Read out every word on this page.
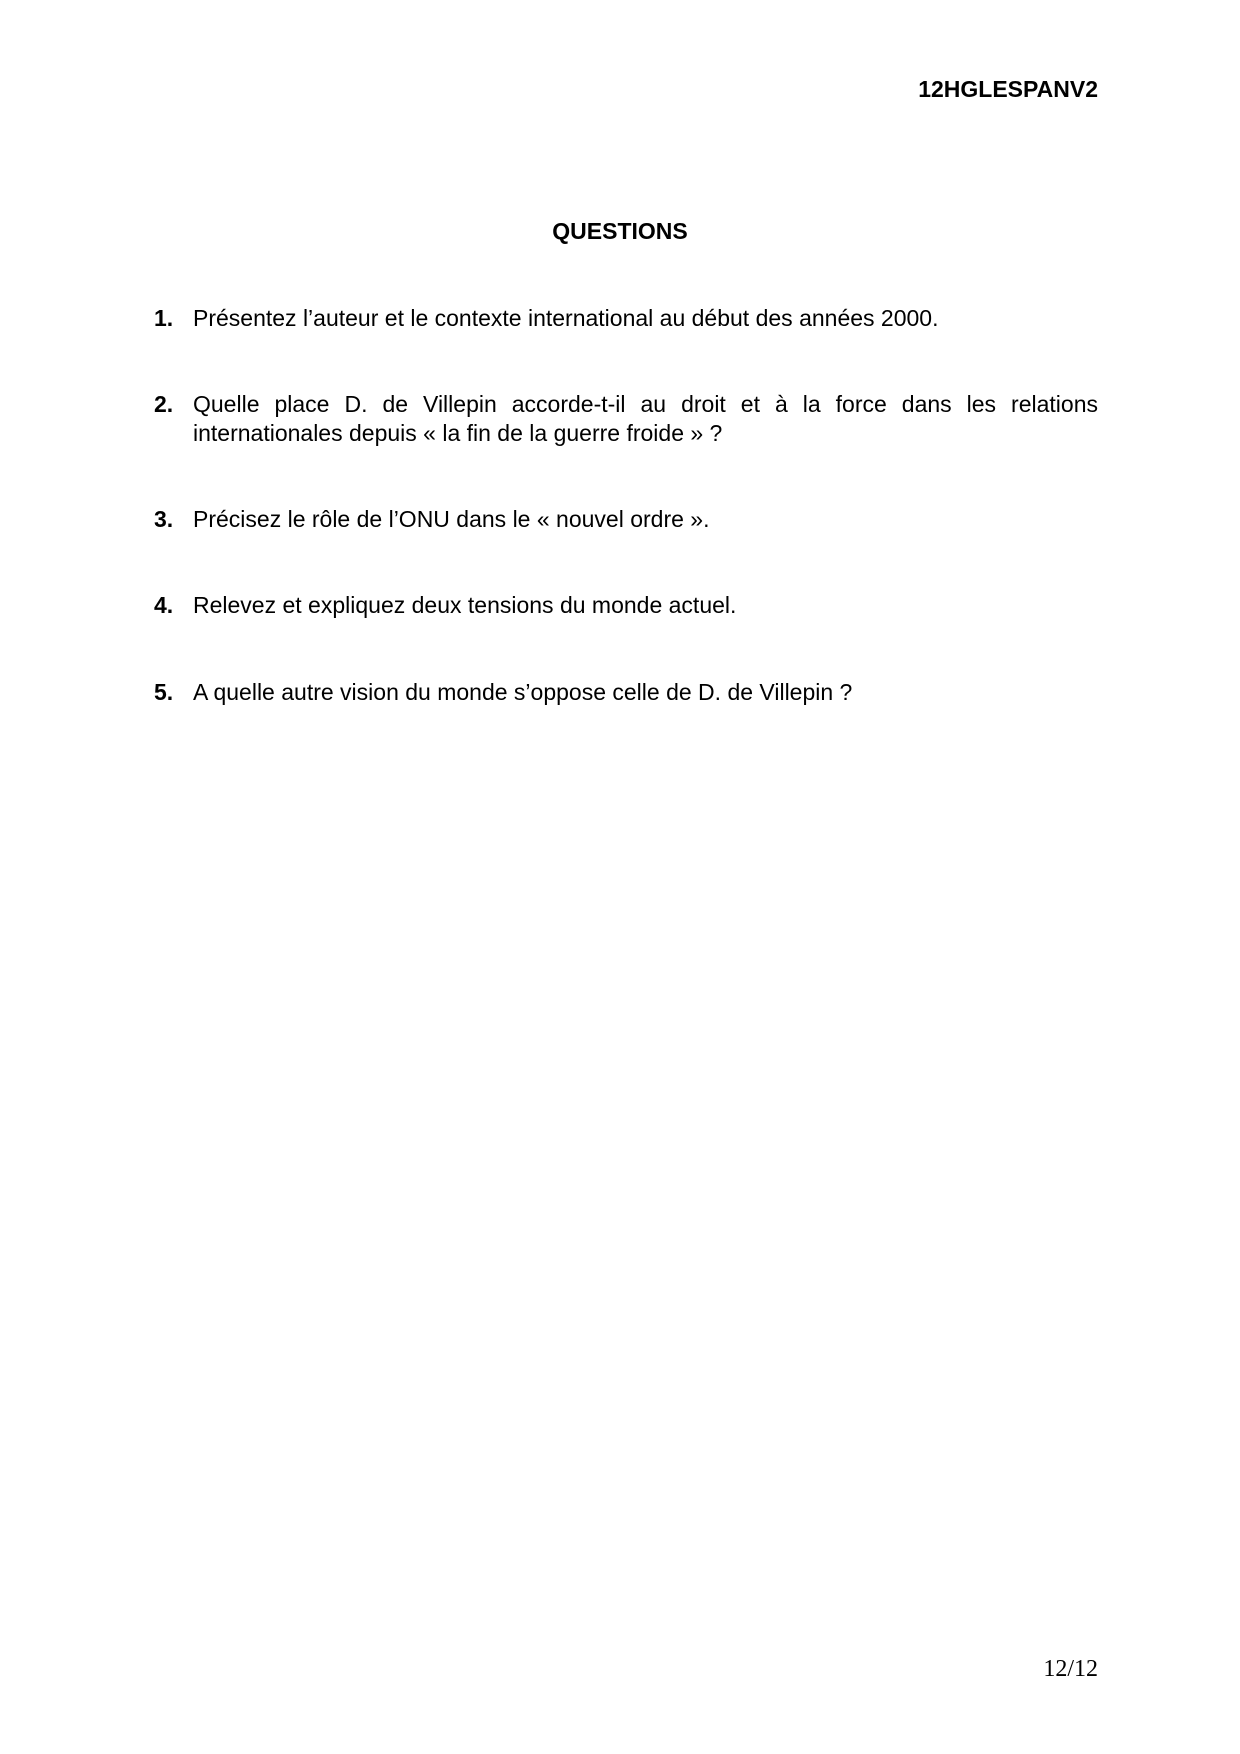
12HGLESPANV2
QUESTIONS
1. Présentez l’auteur et le contexte international au début des années 2000.
2. Quelle place D. de Villepin accorde-t-il au droit et à la force dans les relations internationales depuis « la fin de la guerre froide » ?
3. Précisez le rôle de l’ONU dans le « nouvel ordre ».
4. Relevez et expliquez deux tensions du monde actuel.
5. A quelle autre vision du monde s’oppose celle de D. de Villepin ?
12/12
